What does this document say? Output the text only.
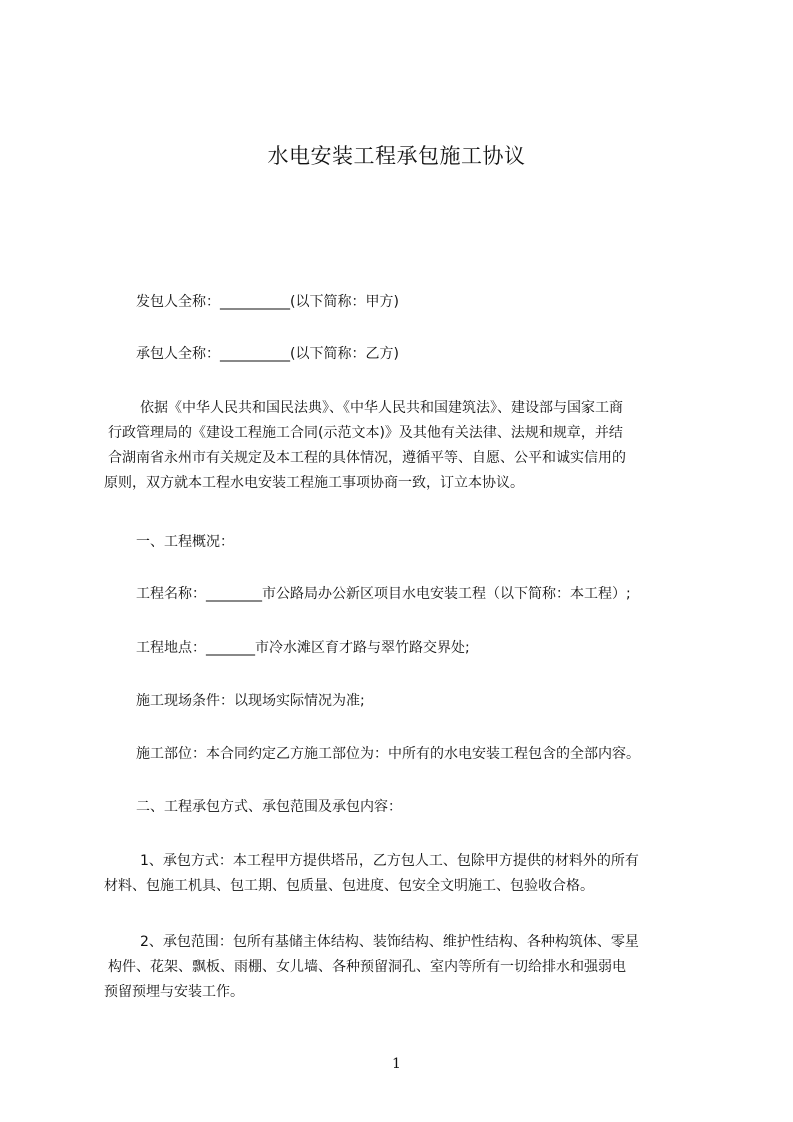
水电安装工程承包施工协议
发包人全称：__________(以下简称：甲方)
承包人全称：__________(以下简称：乙方)
依据《中华人民共和国民法典》、《中华人民共和国建筑法》、建设部与国家工商
行政管理局的《建设工程施工合同(示范文本)》及其他有关法律、法规和规章，并结
合湖南省永州市有关规定及本工程的具体情况，遵循平等、自愿、公平和诚实信用的
原则，双方就本工程水电安装工程施工事项协商一致，订立本协议。
一、工程概况：
工程名称：________市公路局办公新区项目水电安装工程（以下简称：本工程）;
工程地点：_______市冷水滩区育才路与翠竹路交界处;
施工现场条件：以现场实际情况为准;
施工部位：本合同约定乙方施工部位为：中所有的水电安装工程包含的全部内容。
二、工程承包方式、承包范围及承包内容：
1、承包方式：本工程甲方提供塔吊，乙方包人工、包除甲方提供的材料外的所有
材料、包施工机具、包工期、包质量、包进度、包安全文明施工、包验收合格。
2、承包范围：包所有基储主体结构、装饰结构、维护性结构、各种构筑体、零星
构件、花架、飘板、雨棚、女儿墙、各种预留洞孔、室内等所有一切给排水和强弱电
预留预埋与安装工作。
1
